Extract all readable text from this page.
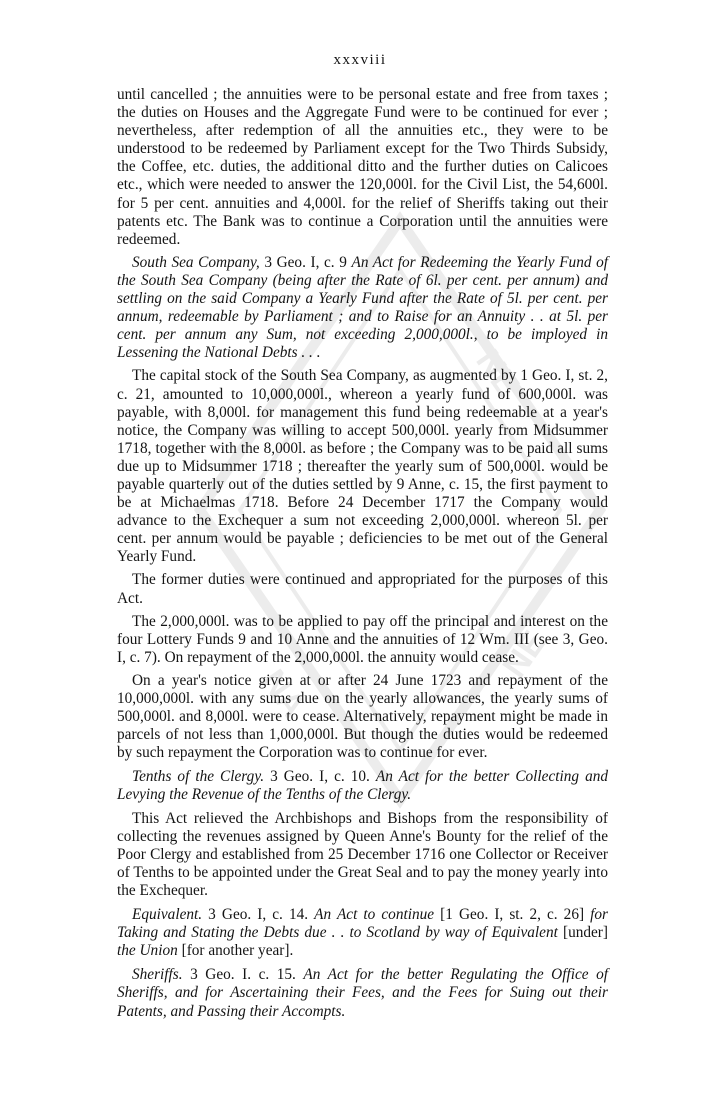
NE
NE
NA
xxxviii

until cancelled ; the annuities were to be personal estate and free from taxes ; the duties on Houses and the Aggregate Fund were to be continued for ever ; nevertheless, after redemption of all the annuities etc., they were to be understood to be redeemed by Parliament except for the Two Thirds Subsidy, the Coffee, etc. duties, the additional ditto and the further duties on Calicoes etc., which were needed to answer the 120,000l. for the Civil List, the 54,600l. for 5 per cent. annuities and 4,000l. for the relief of Sheriffs taking out their patents etc. The Bank was to continue a Corporation until the annuities were redeemed.

South Sea Company, 3 Geo. I, c. 9 An Act for Redeeming the Yearly Fund of the South Sea Company (being after the Rate of 6l. per cent. per annum) and settling on the said Company a Yearly Fund after the Rate of 5l. per cent. per annum, redeemable by Parliament ; and to Raise for an Annuity . . at 5l. per cent. per annum any Sum, not exceeding 2,000,000l., to be imployed in Lessening the National Debts . . .

The capital stock of the South Sea Company, as augmented by 1 Geo. I, st. 2, c. 21, amounted to 10,000,000l., whereon a yearly fund of 600,000l. was payable, with 8,000l. for management this fund being redeemable at a year's notice, the Company was willing to accept 500,000l. yearly from Midsummer 1718, together with the 8,000l. as before ; the Company was to be paid all sums due up to Midsummer 1718 ; thereafter the yearly sum of 500,000l. would be payable quarterly out of the duties settled by 9 Anne, c. 15, the first payment to be at Michaelmas 1718. Before 24 December 1717 the Company would advance to the Exchequer a sum not exceeding 2,000,000l. whereon 5l. per cent. per annum would be payable ; deficiencies to be met out of the General Yearly Fund.

The former duties were continued and appropriated for the purposes of this Act.

The 2,000,000l. was to be applied to pay off the principal and interest on the four Lottery Funds 9 and 10 Anne and the annuities of 12 Wm. III (see 3, Geo. I, c. 7). On repayment of the 2,000,000l. the annuity would cease.

On a year's notice given at or after 24 June 1723 and repayment of the 10,000,000l. with any sums due on the yearly allowances, the yearly sums of 500,000l. and 8,000l. were to cease. Alternatively, repayment might be made in parcels of not less than 1,000,000l. But though the duties would be redeemed by such repayment the Corporation was to continue for ever.

Tenths of the Clergy. 3 Geo. I, c. 10. An Act for the better Collecting and Levying the Revenue of the Tenths of the Clergy.

This Act relieved the Archbishops and Bishops from the responsibility of collecting the revenues assigned by Queen Anne's Bounty for the relief of the Poor Clergy and established from 25 December 1716 one Collector or Receiver of Tenths to be appointed under the Great Seal and to pay the money yearly into the Exchequer.

Equivalent. 3 Geo. I, c. 14. An Act to continue [1 Geo. I, st. 2, c. 26] for Taking and Stating the Debts due . . to Scotland by way of Equivalent [under] the Union [for another year].

Sheriffs. 3 Geo. I. c. 15. An Act for the better Regulating the Office of Sheriffs, and for Ascertaining their Fees, and the Fees for Suing out their Patents, and Passing their Accompts.
